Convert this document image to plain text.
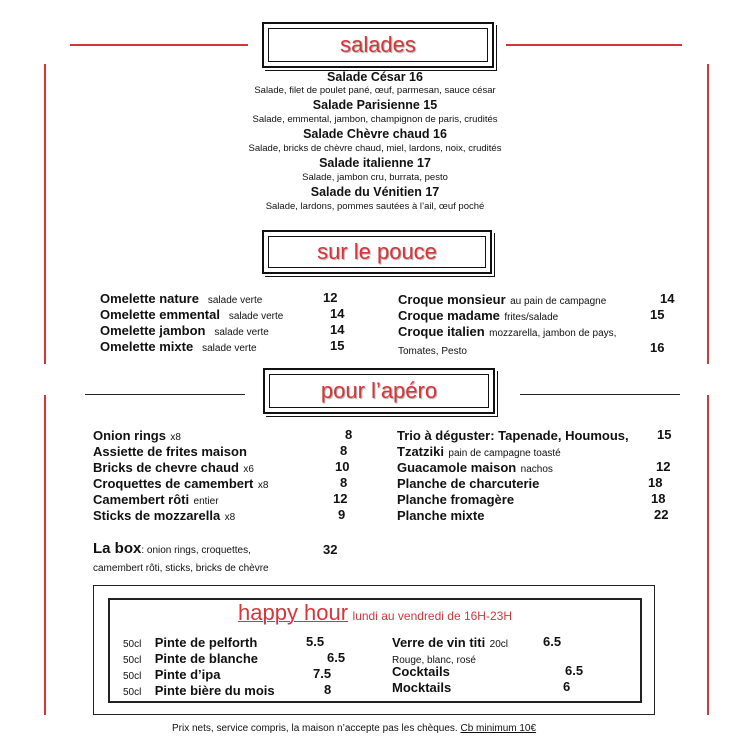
salades
Salade César 16
Salade, filet de poulet pané, œuf, parmesan, sauce césar
Salade Parisienne 15
Salade, emmental, jambon, champignon de paris, crudités
Salade Chèvre chaud 16
Salade, bricks de chèvre chaud, miel, lardons, noix, crudités
Salade italienne 17
Salade, jambon cru, burrata, pesto
Salade du Vénitien 17
Salade, lardons, pommes sautées à l’ail, œuf poché
sur le pouce
Omelette nature salade verte	12
Omelette emmental salade verte	14
Omelette jambon salade verte	14
Omelette mixte salade verte	15
Croque monsieur au pain de campagne	14
Croque madame frites/salade	15
Croque italien mozzarella, jambon de pays,
Tomates, Pesto	16
pour l’apéro
Onion rings x8	8
Assiette de frites maison	8
Bricks de chevre chaud x6	10
Croquettes de camembert x8	8
Camembert rôti entier	12
Sticks de mozzarella x8	9
Trio à déguster: Tapenade, Houmous, 15
Tzatziki pain de campagne toasté
Guacamole maison nachos	12
Planche de charcuterie	18
Planche fromagère	18
Planche mixte	22
La box: onion rings, croquettes,
camembert rôti, sticks, bricks de chèvre
32
happy hour lundi au vendredi de 16H-23H
50cl Pinte de pelforth	5.5
50cl Pinte de blanche	6.5
50cl Pinte d’ipa	7.5
50cl Pinte bière du mois	8
Verre de vin titi 20cl	6.5
Rouge, blanc, rosé
Cocktails	6.5
Mocktails	6
Prix nets, service compris, la maison n’accepte pas les chèques. Cb minimum 10€
